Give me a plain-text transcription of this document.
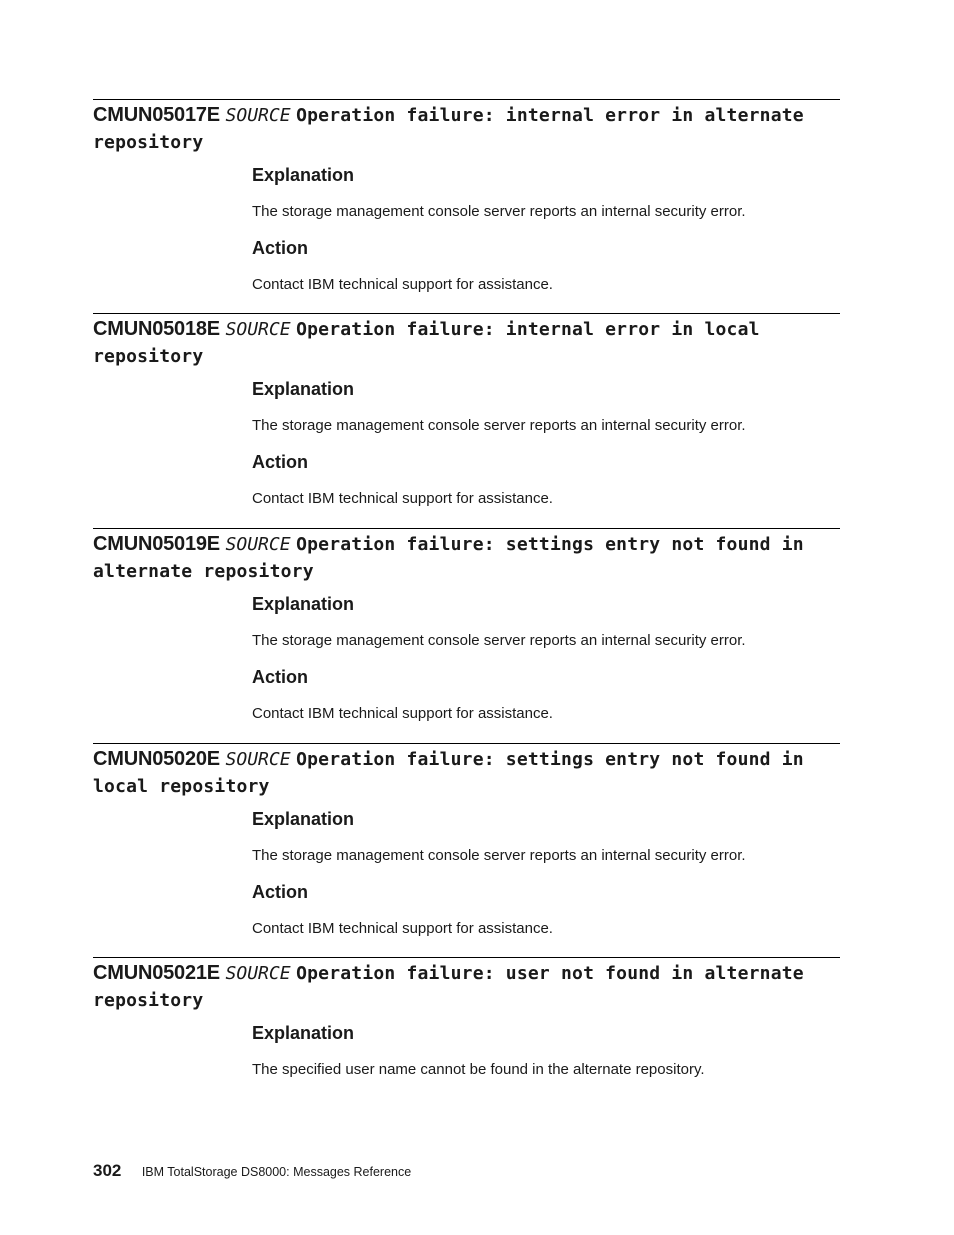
CMUN05017E SOURCE Operation failure: internal error in alternate
repository

Explanation

The storage management console server reports an internal security error.

Action

Contact IBM technical support for assistance.

CMUN05018E SOURCE Operation failure: internal error in local
repository

Explanation

The storage management console server reports an internal security error.

Action

Contact IBM technical support for assistance.

CMUN05019E SOURCE Operation failure: settings entry not found in
alternate repository

Explanation

The storage management console server reports an internal security error.

Action

Contact IBM technical support for assistance.

CMUN05020E SOURCE Operation failure: settings entry not found in
local repository

Explanation

The storage management console server reports an internal security error.

Action

Contact IBM technical support for assistance.

CMUN05021E SOURCE Operation failure: user not found in alternate
repository

Explanation

The specified user name cannot be found in the alternate repository.

302 IBM TotalStorage DS8000: Messages Reference
